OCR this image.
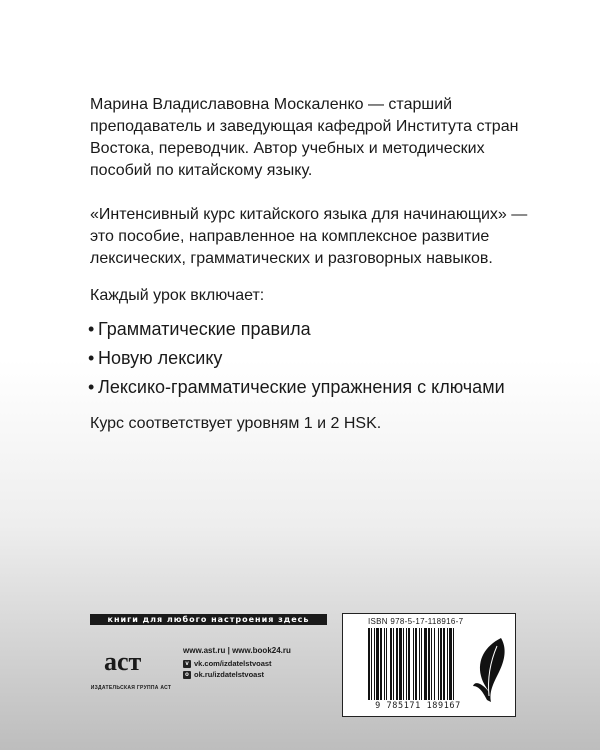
Марина Владиславовна Москаленко — старший преподаватель и заведующая кафедрой Института стран Востока, переводчик. Автор учебных и методических пособий по китайскому языку.

«Интенсивный курс китайского языка для начинающих» — это пособие, направленное на комплексное развитие лексических, грамматических и разговорных навыков.

Каждый урок включает:

• Грамматические правила
• Новую лексику
• Лексико-грамматические упражнения с ключами

Курс соответствует уровням 1 и 2 HSK.

книги для любого настроения здесь
аст
ИЗДАТЕЛЬСКАЯ ГРУППА АСТ
www.ast.ru | www.book24.ru
v vk.com/izdatelstvoast
o ok.ru/izdatelstvoast
ISBN 978-5-17-118916-7
9 785171 189167
